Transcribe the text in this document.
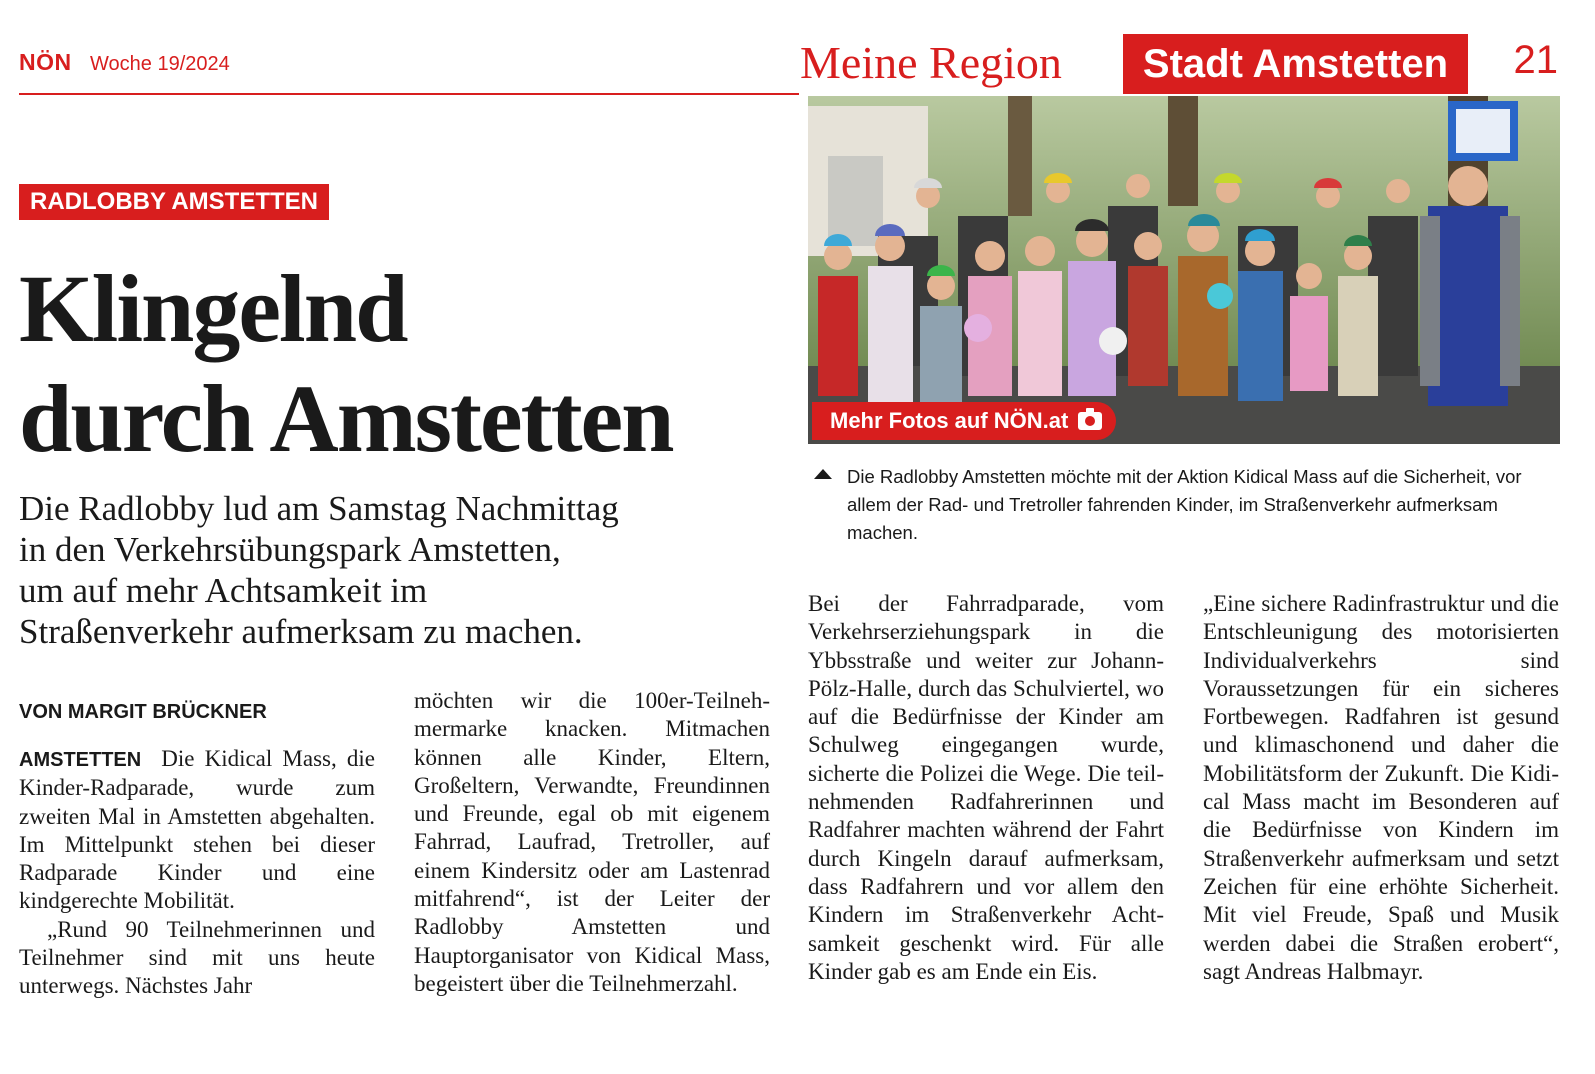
NÖN Woche 19/2024	Meine Region	Stadt Amstetten	21
RADLOBBY AMSTETTEN
Klingelnd
durch Amstetten
Die Radlobby lud am Samstag Nachmittag
in den Verkehrsübungspark Amstetten,
um auf mehr Achtsamkeit im
Straßenverkehr aufmerksam zu machen.
VON MARGIT BRÜCKNER

AMSTETTEN Die Kidical Mass, die Kinder-Radparade, wurde zum zweiten Mal in Amstetten abgehalten. Im Mittelpunkt stehen bei dieser Radparade Kinder und eine kindgerechte Mobilität.

„Rund 90 Teilnehmerinnen und Teilnehmer sind mit uns heute unterwegs. Nächstes Jahr

möchten wir die 100er-Teilnehmermarke knacken. Mitmachen können alle Kinder, Eltern, Großeltern, Verwandte, Freundinnen und Freunde, egal ob mit eigenem Fahrrad, Laufrad, Tretroller, auf einem Kindersitz oder am Lastenrad mitfahrend“, ist der Leiter der Radlobby Amstetten und Hauptorganisator von Kidical Mass, begeistert über die Teilnehmerzahl.

Bei der Fahrradparade, vom Verkehrserziehungspark in die Ybbsstraße und weiter zur Johann-Pölz-Halle, durch das Schulviertel, wo auf die Bedürfnisse der Kinder am Schulweg eingegangen wurde, sicherte die Polizei die Wege. Die teilnehmenden Radfahrerinnen und Radfahrer machten während der Fahrt durch Kingeln darauf aufmerksam, dass Radfahrern und vor allem den Kindern im Straßenverkehr Achtsamkeit geschenkt wird. Für alle Kinder gab es am Ende ein Eis.

„Eine sichere Radinfrastruktur und die Entschleunigung des motorisierten Individualverkehrs sind Voraussetzungen für ein sicheres Fortbewegen. Radfahren ist gesund und klimaschonend und daher die Mobilitätsform der Zukunft. Die Kidical Mass macht im Besonderen auf die Bedürfnisse von Kindern im Straßenverkehr aufmerksam und setzt Zeichen für eine erhöhte Sicherheit. Mit viel Freude, Spaß und Musik werden dabei die Straßen erobert“, sagt Andreas Halbmayr.

Mehr Fotos auf NÖN.at
Die Radlobby Amstetten möchte mit der Aktion Kidical Mass auf die Sicherheit, vor allem der Rad- und Tretroller fahrenden Kinder, im Straßenverkehr aufmerksam machen.
